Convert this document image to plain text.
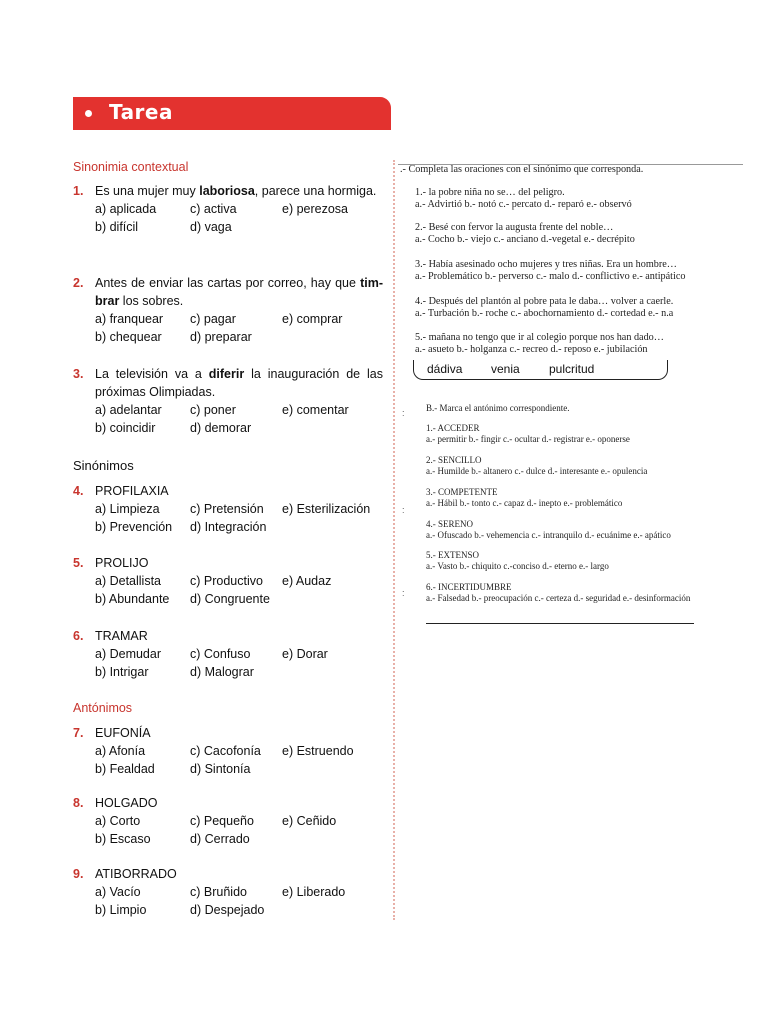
Tarea
Sinonimia contextual
Sinónimos
Antónimos
1. Es una mujer muy laboriosa, parece una hormiga.
a) aplicada	c) activa	e) perezosa
b) difícil	d) vaga
2. Antes de enviar las cartas por correo, hay que tim-brar los sobres.
a) franquear c) pagar	e) comprar
b) chequear d) preparar
3. La televisión va a diferir la inauguración de las próximas Olimpiadas.
a) adelantar c) poner	e) comentar
b) coincidir	d) demorar
4. PROFILAXIA
a) Limpieza c) Pretensión e) Esterilización
b) Prevención d) Integración
5. PROLIJO
a) Detallista c) Productivo e) Audaz
b) Abundante d) Congruente
6. TRAMAR
a) Demudar c) Confuso	e) Dorar
b) Intrigar	d) Malograr
7. EUFONÍA
a) Afonía	c) Cacofonía e) Estruendo
b) Fealdad	d) Sintonía
8. HOLGADO
a) Corto	c) Pequeño e) Ceñido
b) Escaso	d) Cerrado
9. ATIBORRADO
a) Vacío	c) Bruñido	e) Liberado
b) Limpio	d) Despejado
.- Completa las oraciones con el sinónimo que corresponda.
1.- la pobre niña no se… del peligro.
a.- Advirtió b.- notó c.- percato d.- reparó e.- observó
2.- Besé con fervor la augusta frente del noble…
a.- Cocho b.- viejo c.- anciano d.-vegetal e.- decrépito
3.- Había asesinado ocho mujeres y tres niñas. Era un hombre…
a.- Problemático b.- perverso c.- malo d.- conflictivo e.- antipático
4.- Después del plantón al pobre pata le daba… volver a caerle.
a.- Turbación b.- roche c.- abochornamiento d.- cortedad e.- n.a
5.- mañana no tengo que ir al colegio porque nos han dado…
a.- asueto b.- holganza c.- recreo d.- reposo e.- jubilación
B.- Marca el antónimo correspondiente.
1.- ACCEDER
a.- permitir b.- fingir c.- ocultar d.- registrar e.- oponerse
2.- SENCILLO
a.- Humilde b.- altanero c.- dulce d.- interesante e.- opulencia
3.- COMPETENTE
a.- Hábil b.- tonto c.- capaz d.- inepto e.- problemático
4.- SERENO
a.- Ofuscado b.- vehemencia c.- intranquilo d.- ecuánime e.- apático
5.- EXTENSO
a.- Vasto b.- chiquito c.-conciso d.- eterno e.- largo
6.- INCERTIDUMBRE
a.- Falsedad b.- preocupación c.- certeza d.- seguridad e.- desinformación
dádiva venia pulcritud
:
:
:
